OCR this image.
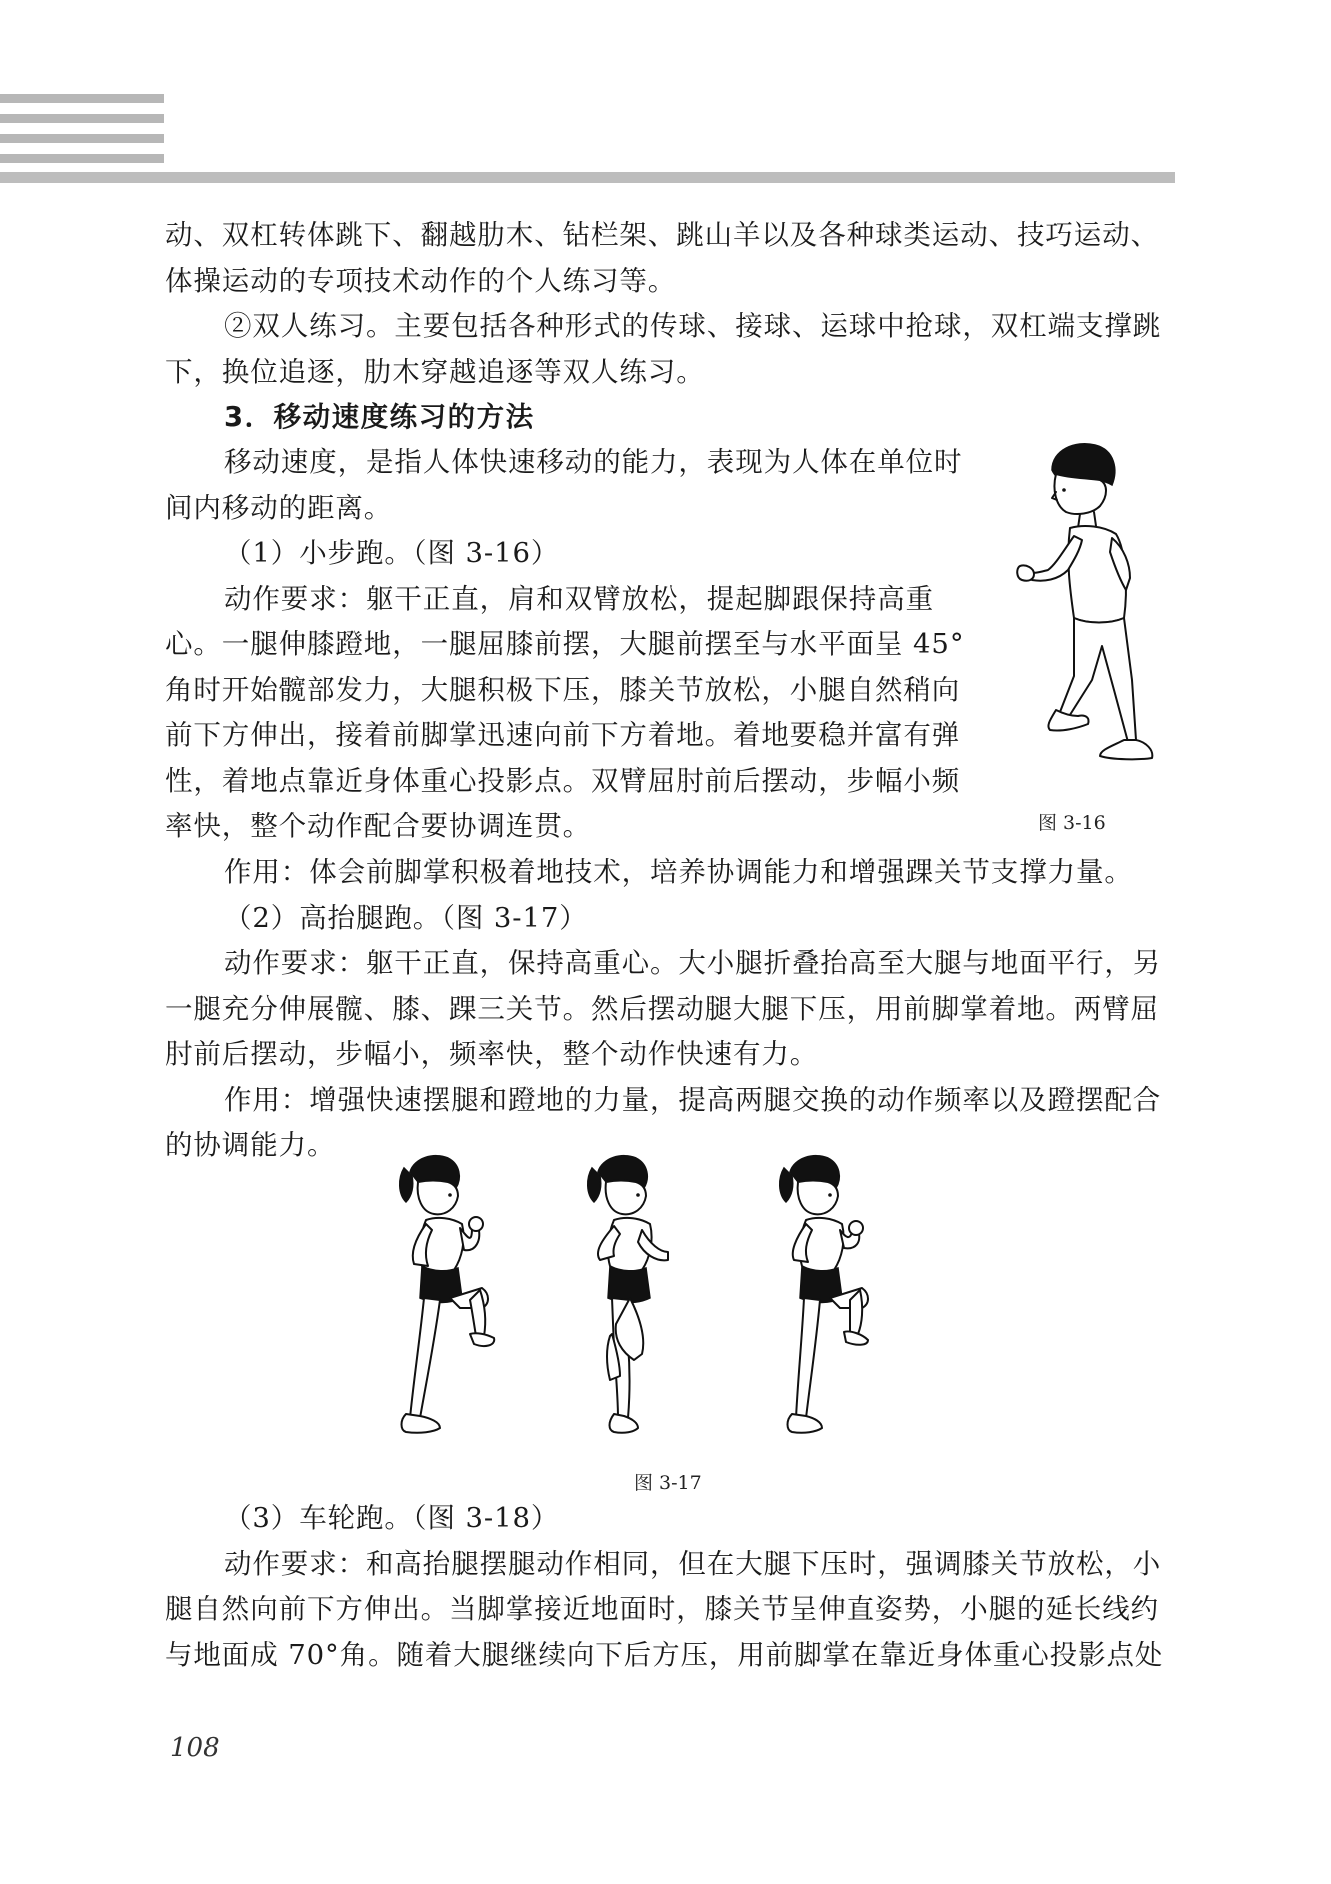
动、双杠转体跳下、翻越肋木、钻栏架、跳山羊以及各种球类运动、技巧运动、

体操运动的专项技术动作的个人练习等。

②双人练习。主要包括各种形式的传球、接球、运球中抢球，双杠端支撑跳

下，换位追逐，肋木穿越追逐等双人练习。

3．移动速度练习的方法

移动速度，是指人体快速移动的能力，表现为人体在单位时

间内移动的距离。

（1）小步跑。（图 3-16）

动作要求：躯干正直，肩和双臂放松，提起脚跟保持高重

心。一腿伸膝蹬地，一腿屈膝前摆，大腿前摆至与水平面呈 45°

角时开始髋部发力，大腿积极下压，膝关节放松，小腿自然稍向

前下方伸出，接着前脚掌迅速向前下方着地。着地要稳并富有弹

性，着地点靠近身体重心投影点。双臂屈肘前后摆动，步幅小频

率快，整个动作配合要协调连贯。

作用：体会前脚掌积极着地技术，培养协调能力和增强踝关节支撑力量。

（2）高抬腿跑。（图 3-17）

动作要求：躯干正直，保持高重心。大小腿折叠抬高至大腿与地面平行，另

一腿充分伸展髋、膝、踝三关节。然后摆动腿大腿下压，用前脚掌着地。两臂屈

肘前后摆动，步幅小，频率快，整个动作快速有力。

作用：增强快速摆腿和蹬地的力量，提高两腿交换的动作频率以及蹬摆配合

的协调能力。

（3）车轮跑。（图 3-18）

动作要求：和高抬腿摆腿动作相同，但在大腿下压时，强调膝关节放松，小

腿自然向前下方伸出。当脚掌接近地面时，膝关节呈伸直姿势，小腿的延长线约

与地面成 70°角。随着大腿继续向下后方压，用前脚掌在靠近身体重心投影点处

图 3-16
图 3-17
108
